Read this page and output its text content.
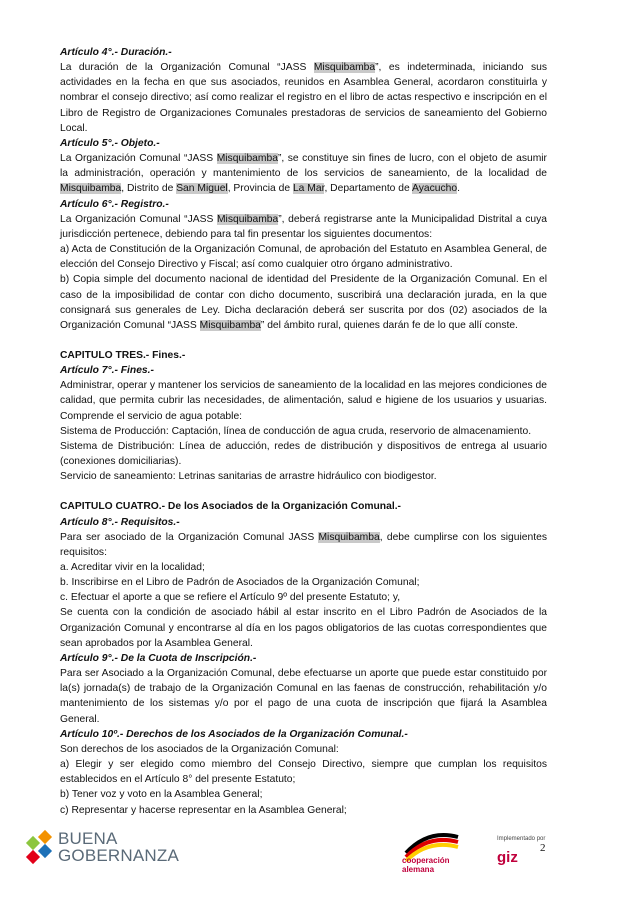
Artículo 4°.- Duración.-

La duración de la Organización Comunal “JASS Misquibamba”, es indeterminada, iniciando sus actividades en la fecha en que sus asociados, reunidos en Asamblea General, acordaron constituirla y nombrar el consejo directivo; así como realizar el registro en el libro de actas respectivo e inscripción en el Libro de Registro de Organizaciones Comunales prestadoras de servicios de saneamiento del Gobierno Local.

Artículo 5°.- Objeto.-

La Organización Comunal “JASS Misquibamba”, se constituye sin fines de lucro, con el objeto de asumir la administración, operación y mantenimiento de los servicios de saneamiento, de la localidad de Misquibamba, Distrito de San Miguel, Provincia de La Mar, Departamento de Ayacucho.

Artículo 6°.- Registro.-

La Organización Comunal “JASS Misquibamba”, deberá registrarse ante la Municipalidad Distrital a cuya jurisdicción pertenece, debiendo para tal fin presentar los siguientes documentos:

a) Acta de Constitución de la Organización Comunal, de aprobación del Estatuto en Asamblea General, de elección del Consejo Directivo y Fiscal; así como cualquier otro órgano administrativo.

b) Copia simple del documento nacional de identidad del Presidente de la Organización Comunal. En el caso de la imposibilidad de contar con dicho documento, suscribirá una declaración jurada, en la que consignará sus generales de Ley. Dicha declaración deberá ser suscrita por dos (02) asociados de la Organización Comunal “JASS Misquibamba” del ámbito rural, quienes darán fe de lo que allí conste.

CAPITULO TRES.- Fines.-

Artículo 7°.- Fines.-

Administrar, operar y mantener los servicios de saneamiento de la localidad en las mejores condiciones de calidad, que permita cubrir las necesidades, de alimentación, salud e higiene de los usuarios y usuarias. Comprende el servicio de agua potable:

Sistema de Producción: Captación, línea de conducción de agua cruda, reservorio de almacenamiento.

Sistema de Distribución: Línea de aducción, redes de distribución y dispositivos de entrega al usuario (conexiones domiciliarias).

Servicio de saneamiento: Letrinas sanitarias de arrastre hidráulico con biodigestor.

CAPITULO CUATRO.- De los Asociados de la Organización Comunal.-

Artículo 8°.- Requisitos.-

Para ser asociado de la Organización Comunal JASS Misquibamba, debe cumplirse con los siguientes requisitos:

a. Acreditar vivir en la localidad;

b. Inscribirse en el Libro de Padrón de Asociados de la Organización Comunal;

c. Efectuar el aporte a que se refiere el Artículo 9º del presente Estatuto; y,

Se cuenta con la condición de asociado hábil al estar inscrito en el Libro Padrón de Asociados de la Organización Comunal y encontrarse al día en los pagos obligatorios de las cuotas correspondientes que sean aprobados por la Asamblea General.

Artículo 9°.- De la Cuota de Inscripción.-

Para ser Asociado a la Organización Comunal, debe efectuarse un aporte que puede estar constituido por la(s) jornada(s) de trabajo de la Organización Comunal en las faenas de construcción, rehabilitación y/o mantenimiento de los sistemas y/o por el pago de una cuota de inscripción que fijará la Asamblea General.

Artículo 10º.- Derechos de los Asociados de la Organización Comunal.-

Son derechos de los asociados de la Organización Comunal:

a) Elegir y ser elegido como miembro del Consejo Directivo, siempre que cumplan los requisitos establecidos en el Artículo 8° del presente Estatuto;

b) Tener voz y voto en la Asamblea General;

c) Representar y hacerse representar en la Asamblea General;

2
BUENA
GOBERNANZA	cooperación
alemana
Implementado por
giz
